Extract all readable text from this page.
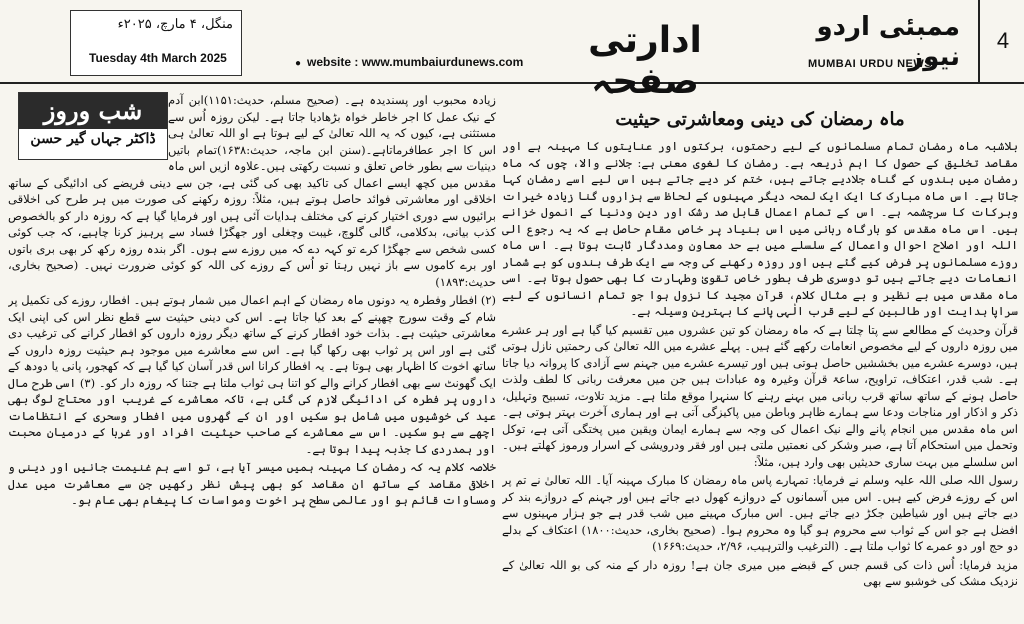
منگل، ۴ مارچ، ۲۰۲۵ء
Tuesday 4th March 2025
●	website : www.mumbaiurdunews.com
ادارتی صفحہ
ممبئی اردو نیوز
MUMBAI URDU NEWS
4
شب وروز
ڈاکٹر جہاں گیر حسن

زیادہ محبوب اور پسندیدہ ہے۔ (صحیح مسلم، حدیث:۱۱۵۱)ابن آدم کے نیک عمل کا اجر خاطر خواہ بڑھادیا جاتا ہے۔ لیکن روزہ اُس سے مستثنی ہے، کیوں کہ یہ اللہ تعالیٰ کے لیے ہوتا ہے او اللہ تعالیٰ ہی اس کا اجر عطافرماتاہے۔(سنن ابن ماجہ، حدیث:۱۶۳۸)تمام باتیں دینیات سے بطور خاص تعلق و نسبت رکھتی ہیں۔علاوہ ازیں اس ماہ مقدس میں کچھ ایسے اعمال کی تاکید بھی کی گئی ہے، جن سے دینی فریضے کی ادائیگی کے ساتھ اخلاقی اور معاشرتی فوائد حاصل ہوتے ہیں، مثلاً: روزہ رکھنے کی صورت میں ہر طرح کی اخلاقی برائیوں سے دوری اختیار کرنے کی مختلف ہدایات آئی ہیں اور فرمایا گیا ہے کہ روزہ دار کو بالخصوص کذب بیانی، بدکلامی، گالی گلوچ، غیبت وچغلی اور جھگڑا فساد سے پرہیز کرنا چاہیے، کہ جب کوئی کسی شخص سے جھگڑا کرے تو کہہ دے کہ میں روزے سے ہوں۔ اگر بندہ روزہ رکھ کر بھی بری باتوں اور برے کاموں سے باز نہیں رہتا تو اُس کے روزے کی اللہ کو کوئی ضرورت نہیں۔ (صحیح بخاری، حدیث:۱۸۹۳)

(۲) افطار وفطرہ یہ دونوں ماہ رمضان کے اہم اعمال میں شمار ہوتے ہیں۔ افطار، روزے کی تکمیل پر شام کے وقت سورج چھپنے کے بعد کیا جاتا ہے۔ اس کی دینی حیثیت سے قطع نظر اس کی اپنی ایک معاشرتی حیثیت ہے۔ بذات خود افطار کرنے کے ساتھ دیگر روزہ داروں کو افطار کرانے کی ترغیب دی گئی ہے اور اس پر ثواب بھی رکھا گیا ہے۔ اس سے معاشرے میں موجود ہم حیثیت روزہ داروں کے ساتھ اخوت کا اظہار بھی ہوتا ہے۔ یہ افطار کرانا اس قدر آسان کیا گیا ہے کہ کھجور، پانی یا دودھ کے ایک گھونٹ سے بھی افطار کرانے والے کو اتنا ہی ثواب ملتا ہے جتنا کہ روزہ دار کو۔ (۳) اسی طرح مال داروں پر فطرہ کی ادائیگی لازم کی گئی ہے، تاکہ معاشرے کے غریب اور محتاج لوگ بھی عید کی خوشیوں میں شامل ہو سکیں اور ان کے گھروں میں افطار وسحری کے انتظامات اچھے سے ہو سکیں۔ اس سے معاشرے کے صاحب حیثیت افراد اور غربا کے درمیان محبت اور ہمدردی کا جذبہ پیدا ہوتا ہے۔

خلاصہ کلام یہ کہ رمضان کا مہینہ ہمیں میسر آیا ہے، تو اسے ہم غنیمت جانیں اور دینی و اخلاقی مقاصد کے ساتھ ان مقاصد کو بھی پیش نظر رکھیں جن سے معاشرت میں عدل ومساوات قائم ہو اور عالمی سطح پر اخوت ومواسات کا پیغام بھی عام ہو۔

ماہ رمضان کی دینی ومعاشرتی حیثیت

بلاشبہ ماہ رمضان تمام مسلمانوں کے لیے رحمتوں، برکتوں اور عنایتوں کا مہینہ ہے اور مقاصد تخلیق کے حصول کا اہم ذریعہ ہے۔ رمضان کا لغوی معنی ہے: جلانے والا، چوں کہ ماہ رمضان میں بندوں کے گناہ جلادیے جاتے ہیں، ختم کر دیے جاتے ہیں اس لیے اسے رمضان کہا جاتا ہے۔ اس ماہ مبارک کا ایک ایک لمحہ دیگر مہینوں کے لحاظ سے ہزاروں گنا زیادہ خیرات وبرکات کا سرچشمہ ہے۔ اس کے تمام اعمال قابل صد رشک اور دین ودنیا کے انمول خزانے ہیں۔ اس ماہ مقدس کو بارگاہ ربانی میں اس بنیاد پر خاص مقام حاصل ہے کہ یہ رجوع الی اللہ اور اصلاح احوال واعمال کے سلسلے میں بے حد معاون ومددگار ثابت ہوتا ہے۔ اس ماہ روزے مسلمانوں پر فرض کیے گئے ہیں اور روزہ رکھنے کی وجہ سے ایک طرف بندوں کو بے شمار انعامات دیے جاتے ہیں تو دوسری طرف بطور خاص تقویٰ وطہارت کا بھی حصول ہوتا ہے۔ اسی ماہ مقدس میں بے نظیر و بے مثال کلام، قرآن مجید کا نزول ہوا جو تمام انسانوں کے لیے سراپا ہدایت اور طالبین کے لیے قرب الٰہی پانے کا بہترین وسیلہ ہے۔

قرآن وحدیث کے مطالعے سے پتا چلتا ہے کہ ماہ رمضان کو تین عشروں میں تقسیم کیا گیا ہے اور ہر عشرے میں روزہ داروں کے لیے مخصوص انعامات رکھے گئے ہیں۔ پہلے عشرے میں اللہ تعالیٰ کی رحمتیں نازل ہوتی ہیں، دوسرے عشرے میں بخششیں حاصل ہوتی ہیں اور تیسرے عشرے میں جہنم سے آزادی کا پروانہ دیا جاتا ہے۔ شب قدر، اعتکاف، تراویح، ساعۃ قرآن وغیرہ وہ عبادات ہیں جن میں معرفت ربانی کا لطف ولذت حاصل ہونے کے ساتھ ساتھ قرب ربانی میں بہنے رہنے کا سنہرا موقع ملتا ہے۔ مزید تلاوت، تسبیح وتہلیل، ذکر و اذکار اور مناجات ودعا سے ہمارے ظاہر وباطن میں پاکیزگی آتی ہے اور ہماری آخرت بہتر ہوتی ہے۔ اس ماہ مقدس میں انجام پانے والے نیک اعمال کی وجہ سے ہمارے ایمان ویقین میں پختگی آتی ہے، توکل وتحمل میں استحکام آتا ہے، صبر وشکر کی نعمتیں ملتی ہیں اور فقر ودرویشی کے اسرار ورموز کھلتے ہیں۔ اس سلسلے میں بہت ساری حدیثیں بھی وارد ہیں، مثلاً:

رسول اللہ صلی اللہ علیہ وسلم نے فرمایا: تمہارے پاس ماہ رمضان کا مبارک مہینہ آیا۔ اللہ تعالیٰ نے تم پر اس کے روزے فرض کیے ہیں۔ اس میں آسمانوں کے دروازے کھول دیے جاتے ہیں اور جہنم کے دروازے بند کر دیے جاتے ہیں اور شیاطین جکڑ دیے جاتے ہیں۔ اس مبارک مہینے میں شب قدر ہے جو ہزار مہینوں سے افضل ہے جو اس کے ثواب سے محروم ہو گیا وہ محروم ہوا۔ (صحیح بخاری، حدیث:۱۸۰۰) اعتکاف کے بدلے دو حج اور دو عمرے کا ثواب ملتا ہے۔ (الترغیب والترہیب، ۲/۹۶، حدیث:۱۶۶۹)

مزید فرمایا: اُس ذات کی قسم جس کے قبضے میں میری جان ہے! روزہ دار کے منہ کی بو اللہ تعالیٰ کے نزدیک مشک کی خوشبو سے بھی
